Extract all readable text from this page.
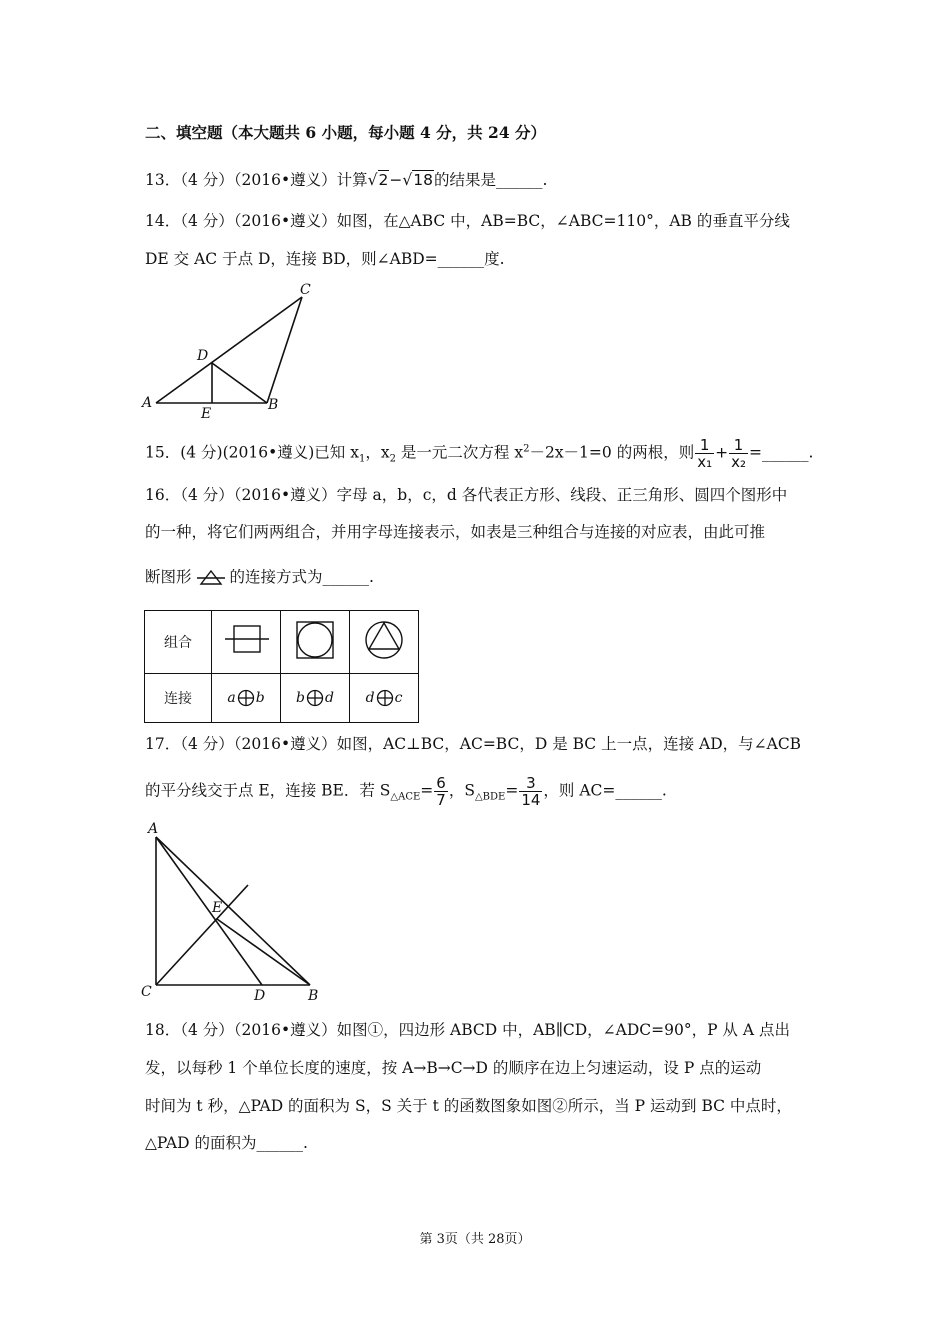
二、填空题（本大题共 6 小题，每小题 4 分，共 24 分）
13．（4 分）（2016•遵义）计算√2−√18的结果是______.
14．（4 分）（2016•遵义）如图，在△ABC 中，AB=BC，∠ABC=110°，AB 的垂直平分线
DE 交 AC 于点 D，连接 BD，则∠ABD=______度.
A	B
C
D
E
15．(4 分)(2016•遵义)已知 $x_1$，$x_2$ 是一元二次方程 $x^2-2x-1=0$ 的两根，则 $\frac{1}{\text{x₁}} + \frac{1}{\text{x₂}}$ =______.
16．（4 分）（2016•遵义）字母 a，b，c，d 各代表正方形、线段、正三角形、圆四个图形中
的一种，将它们两两组合，并用字母连接表示，如表是三种组合与连接的对应表，由此可推
断图形 的连接方式为______.
组合			
连接	a b	b d	d c
17．（4 分）（2016•遵义）如图，AC⊥BC，AC=BC，D 是 BC 上一点，连接 AD，与∠ACB
的平分线交于点 E，连接 BE．若 $S_{\triangle ACE}= \frac{6}{7}$ ，$S_{\triangle BDE}= \frac{3}{14}$ ，则 AC=______.
A
C	D	B
E
18．（4 分）（2016•遵义）如图①，四边形 ABCD 中，AB∥CD，∠ADC=90°，P 从 A 点出
发，以每秒 1 个单位长度的速度，按 A→B→C→D 的顺序在边上匀速运动，设 P 点的运动
时间为 t 秒，△PAD 的面积为 S，S 关于 t 的函数图象如图②所示，当 P 运动到 BC 中点时，
△PAD 的面积为______.
第 3页（共 28页）
